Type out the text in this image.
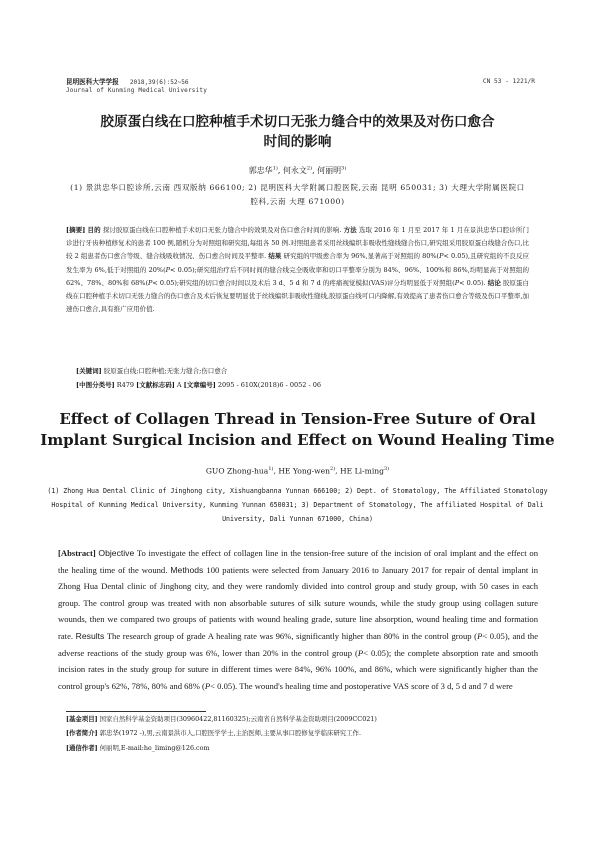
昆明医科大学学报 2018,39(6):52~56
Journal of Kunming Medical University
CN 53 - 1221/R
胶原蛋白线在口腔种植手术切口无张力缝合中的效果及对伤口愈合时间的影响
郭忠华$^{1)}$, 何永文$^{2)}$, 何丽明$^{3)}$
(1) 景洪忠华口腔诊所,云南 西双版纳 666100; 2) 昆明医科大学附属口腔医院,云南 昆明 650031; 3) 大理大学附属医院口腔科,云南 大理 671000)
[摘要] 目的 探讨胶原蛋白线在口腔种植手术切口无张力缝合中的效果及对伤口愈合时间的影响. 方法 选取 2016 年 1 月至 2017 年 1 月在景洪忠华口腔诊所门诊进行牙齿种植修复术的患者 100 例,随机分为对照组和研究组,每组各 50 例.对照组患者采用丝线编织非吸收性缝线缝合伤口,研究组采用胶原蛋白线缝合伤口,比较 2 组患者伤口愈合等级、缝合线吸收情况、伤口愈合时间及平整率. 结果 研究组的甲级愈合率为 96%,显著高于对照组的 80%(P< 0.05),且研究组的不良反应发生率为 6%,低于对照组的 20%(P< 0.05);研究组治疗后不同时间的缝合线完全吸收率和切口平整率分别为 84%、96%、100%和 86%,均明显高于对照组的 62%、78%、80%和 68%(P< 0.05);研究组的切口愈合时间以及术后 3 d、5 d 和 7 d 的疼痛视觉模拟(VAS)评分均明显低于对照组(P< 0.05). 结论 胶原蛋白线在口腔种植手术切口无张力缝合的伤口愈合及术后恢复要明显优于丝线编织非吸收性缝线,胶原蛋白线可口内降解,有效提高了患者伤口愈合等级及伤口平整率,加速伤口愈合,具有推广应用价值.
[关键词] 胶原蛋白线;口腔种植;无张力缝合;伤口愈合
[中图分类号] R479 [文献标志码] A [文章编号] 2095 - 610X(2018)6 - 0052 - 06
Effect of Collagen Thread in Tension-Free Suture of Oral
Implant Surgical Incision and Effect on Wound Healing Time
GUO Zhong-hua$^{1)}$, HE Yong-wen$^{2)}$, HE Li-ming$^{3)}$
(1) Zhong Hua Dental Clinic of Jinghong city, Xishuangbanna Yunnan 666100; 2) Dept. of Stomatology, The Affiliated Stomatology Hospital of Kunming Medical University, Kunming Yunnan 650031; 3) Department of Stomatology, The affiliated Hospital of Dali University, Dali Yunnan 671000, China)
[Abstract] Objective To investigate the effect of collagen line in the tension-free suture of the incision of oral implant and the effect on the healing time of the wound. Methods 100 patients were selected from January 2016 to January 2017 for repair of dental implant in Zhong Hua Dental clinic of Jinghong city, and they were randomly divided into control group and study group, with 50 cases in each group. The control group was treated with non absorbable sutures of silk suture wounds, while the study group using collagen suture wounds, then we compared two groups of patients with wound healing grade, suture line absorption, wound healing time and formation rate. Results The research group of grade A healing rate was 96%, significantly higher than 80% in the control group (P< 0.05), and the adverse reactions of the study group was 6%, lower than 20% in the control group (P< 0.05); the complete absorption rate and smooth incision rates in the study group for suture in different times were 84%, 96% 100%, and 86%, which were significantly higher than the control group's 62%, 78%, 80% and 68% (P< 0.05). The wound's healing time and postoperative VAS score of 3 d, 5 d and 7 d were
[基金项目] 国家自然科学基金资助项目(30960422,81160325);云南省自然科学基金资助项目(2009CC021)
[作者简介] 郭忠华(1972 -),男,云南景洪市人,口腔医学学士,主治医师,主要从事口腔修复学临床研究工作.
[通信作者] 何丽明,E-mail:he_liming@126.com
